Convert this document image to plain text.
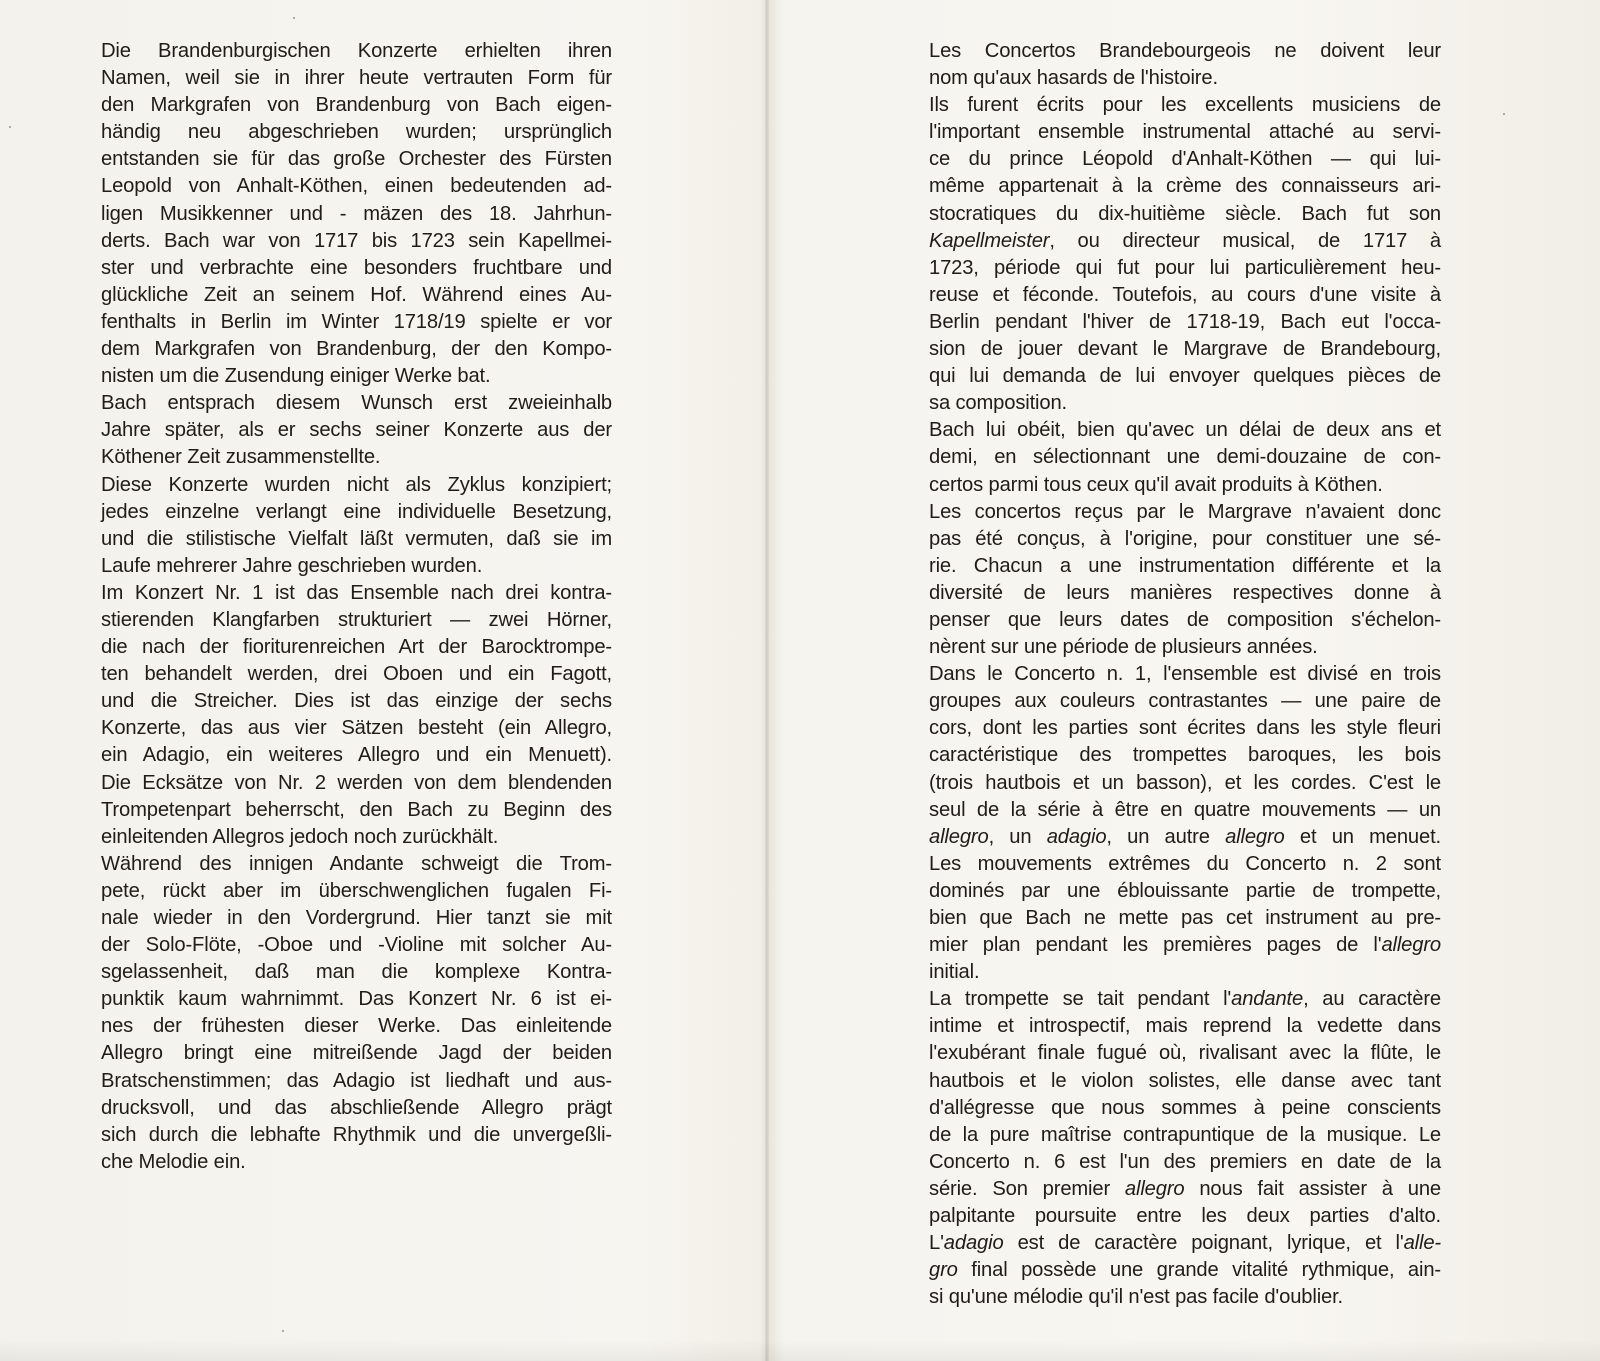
Die Brandenburgischen Konzerte erhielten ihren
Namen, weil sie in ihrer heute vertrauten Form für
den Markgrafen von Brandenburg von Bach eigen-
händig neu abgeschrieben wurden; ursprünglich
entstanden sie für das große Orchester des Fürsten
Leopold von Anhalt-Köthen, einen bedeutenden ad-
ligen Musikkenner und - mäzen des 18. Jahrhun-
derts. Bach war von 1717 bis 1723 sein Kapellmei-
ster und verbrachte eine besonders fruchtbare und
glückliche Zeit an seinem Hof. Während eines Au-
fenthalts in Berlin im Winter 1718/19 spielte er vor
dem Markgrafen von Brandenburg, der den Kompo-
nisten um die Zusendung einiger Werke bat.
Bach entsprach diesem Wunsch erst zweieinhalb
Jahre später, als er sechs seiner Konzerte aus der
Köthener Zeit zusammenstellte.
Diese Konzerte wurden nicht als Zyklus konzipiert;
jedes einzelne verlangt eine individuelle Besetzung,
und die stilistische Vielfalt läßt vermuten, daß sie im
Laufe mehrerer Jahre geschrieben wurden.
Im Konzert Nr. 1 ist das Ensemble nach drei kontra-
stierenden Klangfarben strukturiert — zwei Hörner,
die nach der fioriturenreichen Art der Barocktrompe-
ten behandelt werden, drei Oboen und ein Fagott,
und die Streicher. Dies ist das einzige der sechs
Konzerte, das aus vier Sätzen besteht (ein Allegro,
ein Adagio, ein weiteres Allegro und ein Menuett).
Die Ecksätze von Nr. 2 werden von dem blendenden
Trompetenpart beherrscht, den Bach zu Beginn des
einleitenden Allegros jedoch noch zurückhält.
Während des innigen Andante schweigt die Trom-
pete, rückt aber im überschwenglichen fugalen Fi-
nale wieder in den Vordergrund. Hier tanzt sie mit
der Solo-Flöte, -Oboe und -Violine mit solcher Au-
sgelassenheit, daß man die komplexe Kontra-
punktik kaum wahrnimmt. Das Konzert Nr. 6 ist ei-
nes der frühesten dieser Werke. Das einleitende
Allegro bringt eine mitreißende Jagd der beiden
Bratschenstimmen; das Adagio ist liedhaft und aus-
drucksvoll, und das abschließende Allegro prägt
sich durch die lebhafte Rhythmik und die unvergeßli-
che Melodie ein.
Les Concertos Brandebourgeois ne doivent leur
nom qu'aux hasards de l'histoire.
Ils furent écrits pour les excellents musiciens de
l'important ensemble instrumental attaché au servi-
ce du prince Léopold d'Anhalt-Köthen — qui lui-
même appartenait à la crème des connaisseurs ari-
stocratiques du dix-huitième siècle. Bach fut son
Kapellmeister, ou directeur musical, de 1717 à
1723, période qui fut pour lui particulièrement heu-
reuse et féconde. Toutefois, au cours d'une visite à
Berlin pendant l'hiver de 1718-19, Bach eut l'occa-
sion de jouer devant le Margrave de Brandebourg,
qui lui demanda de lui envoyer quelques pièces de
sa composition.
Bach lui obéit, bien qu'avec un délai de deux ans et
demi, en sélectionnant une demi-douzaine de con-
certos parmi tous ceux qu'il avait produits à Köthen.
Les concertos reçus par le Margrave n'avaient donc
pas été conçus, à l'origine, pour constituer une sé-
rie. Chacun a une instrumentation différente et la
diversité de leurs manières respectives donne à
penser que leurs dates de composition s'échelon-
nèrent sur une période de plusieurs années.
Dans le Concerto n. 1, l'ensemble est divisé en trois
groupes aux couleurs contrastantes — une paire de
cors, dont les parties sont écrites dans les style fleuri
caractéristique des trompettes baroques, les bois
(trois hautbois et un basson), et les cordes. C'est le
seul de la série à être en quatre mouvements — un
allegro, un adagio, un autre allegro et un menuet.
Les mouvements extrêmes du Concerto n. 2 sont
dominés par une éblouissante partie de trompette,
bien que Bach ne mette pas cet instrument au pre-
mier plan pendant les premières pages de l'allegro
initial.
La trompette se tait pendant l'andante, au caractère
intime et introspectif, mais reprend la vedette dans
l'exubérant finale fugué où, rivalisant avec la flûte, le
hautbois et le violon solistes, elle danse avec tant
d'allégresse que nous sommes à peine conscients
de la pure maîtrise contrapuntique de la musique. Le
Concerto n. 6 est l'un des premiers en date de la
série. Son premier allegro nous fait assister à une
palpitante poursuite entre les deux parties d'alto.
L'adagio est de caractère poignant, lyrique, et l'alle-
gro final possède une grande vitalité rythmique, ain-
si qu'une mélodie qu'il n'est pas facile d'oublier.
